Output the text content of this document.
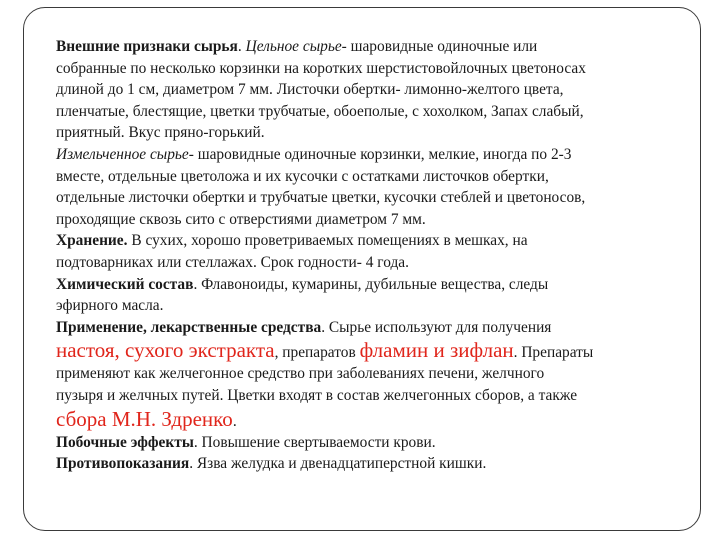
Внешние признаки сырья. Цельное сырье- шаровидные одиночные или
собранные по несколько корзинки на коротких шерстистовойлочных цветоносах
длиной до 1 см, диаметром 7 мм. Листочки обертки- лимонно-желтого цвета,
пленчатые, блестящие, цветки трубчатые, обоеполые, с хохолком, Запах слабый,
приятный. Вкус пряно-горький.
Измельченное сырье- шаровидные одиночные корзинки, мелкие, иногда по 2-3
вместе, отдельные цветоложа и их кусочки с остатками листочков обертки,
отдельные листочки обертки и трубчатые цветки, кусочки стеблей и цветоносов,
проходящие сквозь сито с отверстиями диаметром 7 мм.
Хранение. В сухих, хорошо проветриваемых помещениях в мешках, на
подтоварниках или стеллажах. Срок годности- 4 года.
Химический состав. Флавоноиды, кумарины, дубильные вещества, следы
эфирного масла.
Применение, лекарственные средства. Сырье используют для получения
настоя, сухого экстракта, препаратов фламин и зифлан. Препараты
применяют как желчегонное средство при заболеваниях печени, желчного
пузыря и желчных путей. Цветки входят в состав желчегонных сборов, а также
сбора М.Н. Здренко.
Побочные эффекты. Повышение свертываемости крови.
Противопоказания. Язва желудка и двенадцатиперстной кишки.
